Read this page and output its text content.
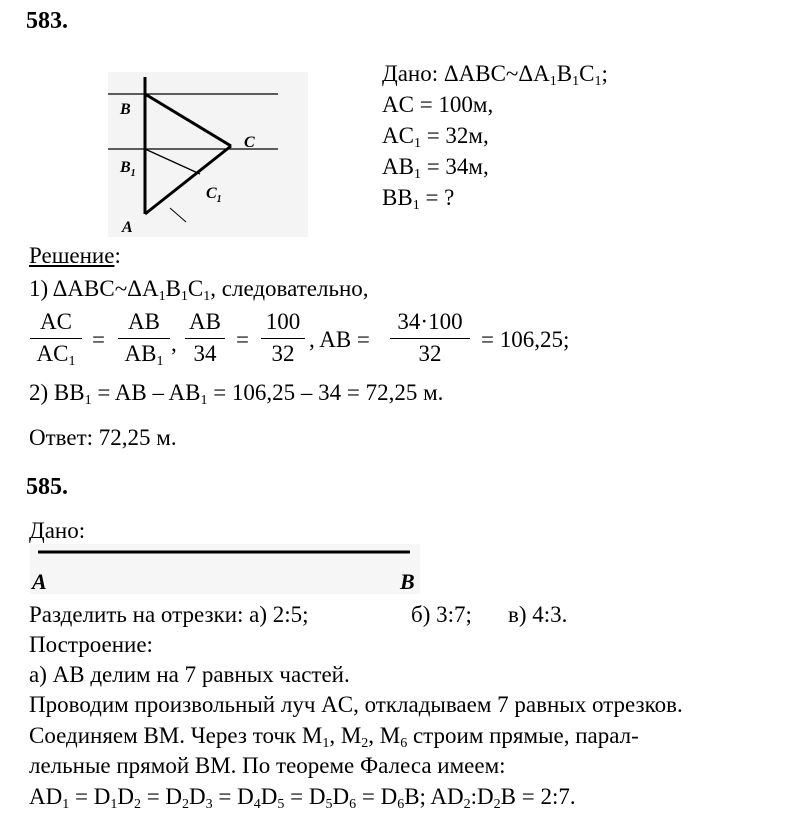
583.
B
$B_1$
A
C
$C_1$
Дано: $\Delta ABC\sim\Delta A_1B_1C_1$;
AC = 100м,
$AC_1 = 32м$,
$AB_1 = 34м$,
$BB_1$ = ?
Решение:
1) $\Delta ABC\sim\Delta A_1B_1C_1$, следовательно,
AC
$AC_1$
=
AB
$AB_1$
,
AB
34
=
100
32
, AB =
34·100
32
= 106,25;
2) $BB_1$ = AB – $AB_1 = 106,25 - 34 = 72,25$ м.
Ответ: 72,25 м.
585.
Дано:
A	B
Разделить на отрезки: а) 2:5;	б) 3:7; в) 4:3.
Построение:
а) AB делим на 7 равных частей.
Проводим произвольный луч AC, откладываем 7 равных отрезков.
Соединяем BM. Через точк $M_1$, $M_2$, $M_6$ строим прямые, парал-
лельные прямой BM. По теореме Фалеса имеем:
$AD_1 = D_1D_2 = D_2D_3 = D_4D_5 = D_5D_6 = D_6B$; $AD_2:D_2B$ = 2:7.
